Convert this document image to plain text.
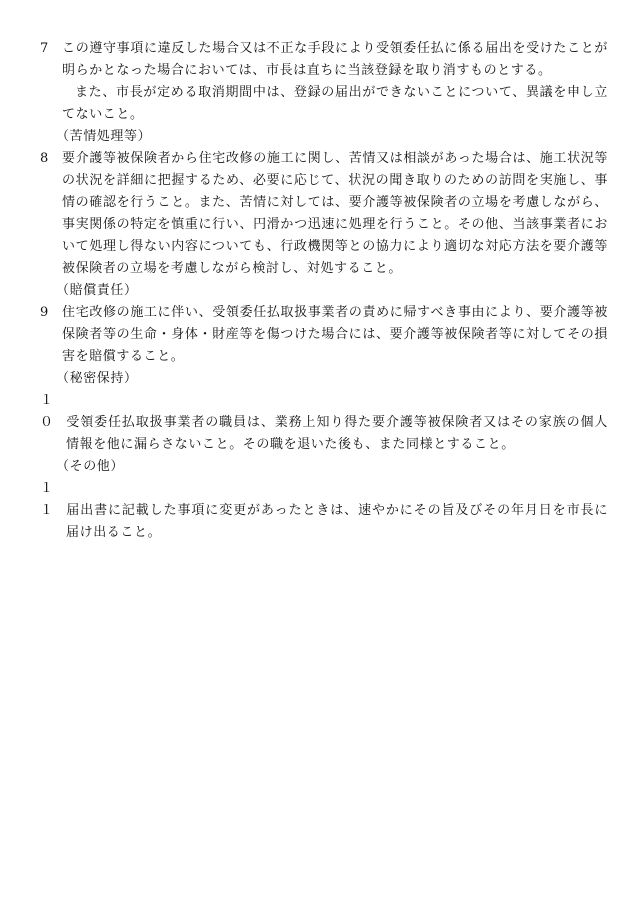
7 この遵守事項に違反した場合又は不正な手段により受領委任払に係る届出を受けたことが明らかとなった場合においては、市長は直ちに当該登録を取り消すものとする。

また、市長が定める取消期間中は、登録の届出ができないことについて、異議を申し立てないこと。

（苦情処理等）

8 要介護等被保険者から住宅改修の施工に関し、苦情又は相談があった場合は、施工状況等の状況を詳細に把握するため、必要に応じて、状況の聞き取りのための訪問を実施し、事情の確認を行うこと。また、苦情に対しては、要介護等被保険者の立場を考慮しながら、事実関係の特定を慎重に行い、円滑かつ迅速に処理を行うこと。その他、当該事業者において処理し得ない内容についても、行政機関等との協力により適切な対応方法を要介護等被保険者の立場を考慮しながら検討し、対処すること。

（賠償責任）

9 住宅改修の施工に伴い、受領委任払取扱事業者の責めに帰すべき事由により、要介護等被保険者等の生命・身体・財産等を傷つけた場合には、要介護等被保険者等に対してその損害を賠償すること。

（秘密保持）

１０ 受領委任払取扱事業者の職員は、業務上知り得た要介護等被保険者又はその家族の個人情報を他に漏らさないこと。その職を退いた後も、また同様とすること。

（その他）

１１ 届出書に記載した事項に変更があったときは、速やかにその旨及びその年月日を市長に届け出ること。
